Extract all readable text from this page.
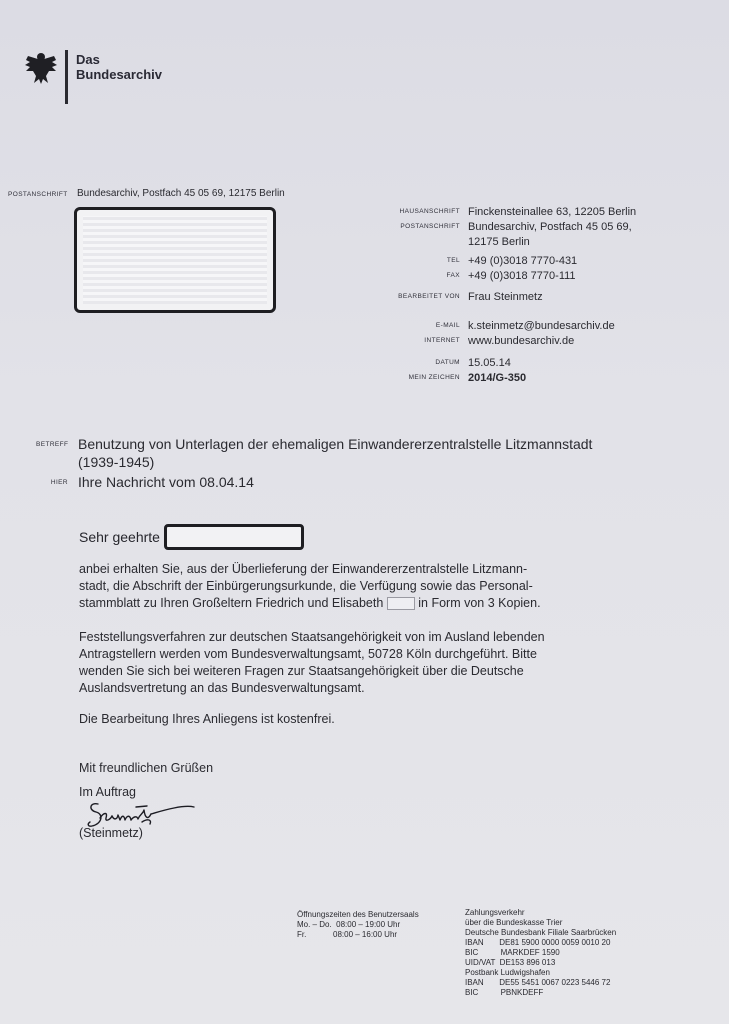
Das
Bundesarchiv
POSTANSCHRIFT Bundesarchiv, Postfach 45 05 69, 12175 Berlin
HAUSANSCHRIFT Finckensteinallee 63, 12205 Berlin
POSTANSCHRIFT Bundesarchiv, Postfach 45 05 69,
12175 Berlin
TEL +49 (0)3018 7770-431
FAX +49 (0)3018 7770-111
BEARBEITET VON Frau Steinmetz
E-MAIL k.steinmetz@bundesarchiv.de
INTERNET www.bundesarchiv.de
DATUM 15.05.14
MEIN ZEICHEN 2014/G-350
BETREFF Benutzung von Unterlagen der ehemaligen Einwandererzentralstelle Litzmannstadt
(1939-1945)
HIER Ihre Nachricht vom 08.04.14
Sehr geehrte
anbei erhalten Sie, aus der Überlieferung der Einwandererzentralstelle Litzmann-
stadt, die Abschrift der Einbürgerungsurkunde, die Verfügung sowie das Personal-
stammblatt zu Ihren Großeltern Friedrich und Elisabeth	in Form von 3 Kopien.
Feststellungsverfahren zur deutschen Staatsangehörigkeit von im Ausland lebenden
Antragstellern werden vom Bundesverwaltungsamt, 50728 Köln durchgeführt. Bitte
wenden Sie sich bei weiteren Fragen zur Staatsangehörigkeit über die Deutsche
Auslandsvertretung an das Bundesverwaltungsamt.
Die Bearbeitung Ihres Anliegens ist kostenfrei.
Mit freundlichen Grüßen
Im Auftrag
(Steinmetz)
Öffnungszeiten des Benutzersaals
Mo. – Do.  08:00 – 19:00 Uhr
Fr.            08:00 – 16:00 Uhr
Zahlungsverkehr
über die Bundeskasse Trier
Deutsche Bundesbank Filiale Saarbrücken
IBAN       DE81 5900 0000 0059 0010 20
BIC          MARKDEF 1590
UID/VAT  DE153 896 013
Postbank Ludwigshafen
IBAN       DE55 5451 0067 0223 5446 72
BIC          PBNKDEFF
